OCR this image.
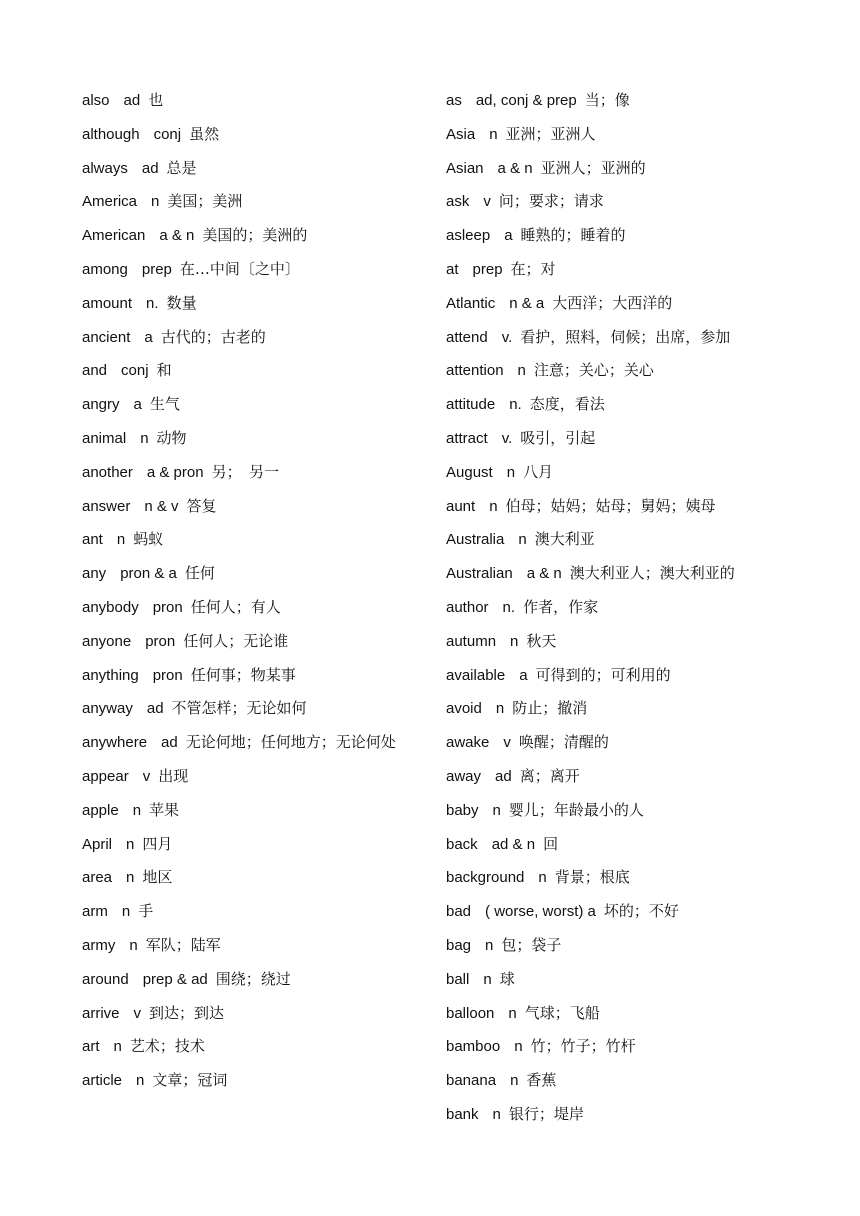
also ad 也
although conj 虽然
always ad 总是
America n 美国；美洲
American a & n 美国的；美洲的
among prep 在…中间〔之中〕
amount n. 数量
ancient a 古代的；古老的
and conj 和
angry a 生气
animal n 动物
another a & pron 另；　另一
answer n & v 答复
ant n 蚂蚁
any pron & a 任何
anybody pron 任何人；有人
anyone pron 任何人；无论谁
anything pron 任何事；物某事
anyway ad 不管怎样；无论如何
anywhere ad 无论何地；任何地方；无论何处
appear v 出现
apple n 苹果
April n 四月
area n 地区
arm n 手
army n 军队；陆军
around prep & ad 围绕；绕过
arrive v 到达；到达
art n 艺术；技术
article n 文章；冠词
as ad, conj & prep 当；像
Asia n 亚洲；亚洲人
Asian a & n 亚洲人；亚洲的
ask v 问；要求；请求
asleep a 睡熟的；睡着的
at prep 在；对
Atlantic n & a 大西洋；大西洋的
attend v. 看护，照料，伺候；出席，参加
attention n 注意；关心；关心
attitude n. 态度，看法
attract v. 吸引，引起
August n 八月
aunt n 伯母；姑妈；姑母；舅妈；姨母
Australia n 澳大利亚
Australian a & n 澳大利亚人；澳大利亚的
author n. 作者，作家
autumn n 秋天
available a 可得到的；可利用的
avoid n 防止；撤消
awake v 唤醒；清醒的
away ad 离；离开
baby n 婴儿；年龄最小的人
back ad & n 回
background n 背景；根底
bad ( worse, worst) a 坏的；不好
bag n 包；袋子
ball n 球
balloon n 气球；飞船
bamboo n 竹；竹子；竹杆
banana n 香蕉
bank n 银行；堤岸
